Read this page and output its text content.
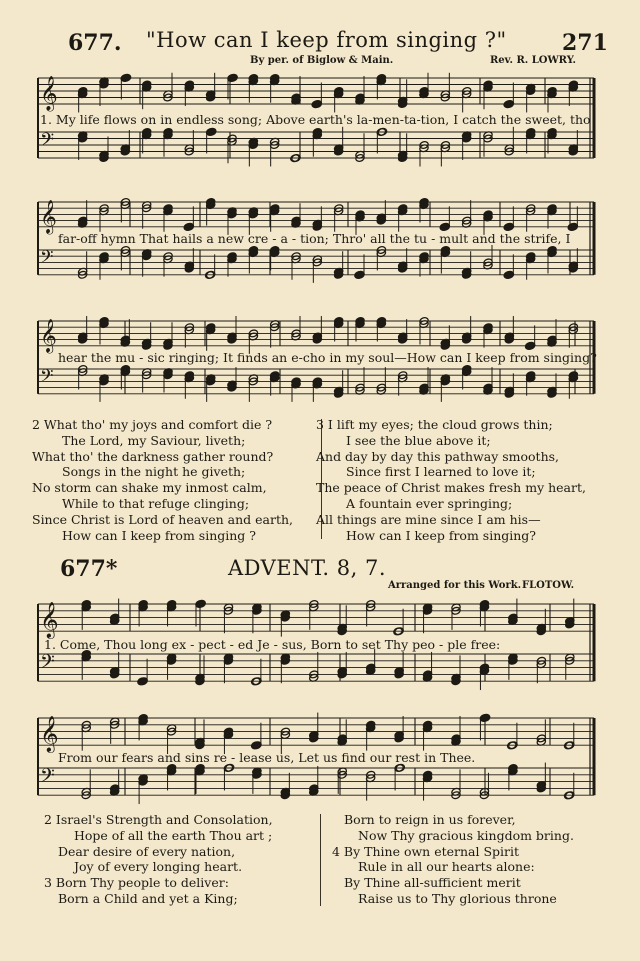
677. "How can I keep from singing ?"	271
By per. of Biglow & Main.	Rev. R. LOWRY.
𝄞
𝄢
1. My life flows on in endless song; Above earth's la-men-ta-tion, I catch the sweet, tho
𝄞
𝄢
far-off hymn That hails a new cre - a - tion; Thro' all the tu - mult and the strife, I
𝄞
𝄢
hear the mu - sic ringing; It finds an e-cho in my soul—How can I keep from singing?
2 What tho' my joys and comfort die ?
The Lord, my Saviour, liveth;
What tho' the darkness gather round?
Songs in the night he giveth;
No storm can shake my inmost calm,
While to that refuge clinging;
Since Christ is Lord of heaven and earth,
How can I keep from singing ?
3 I lift my eyes; the cloud grows thin;
I see the blue above it;
And day by day this pathway smooths,
Since first I learned to love it;
The peace of Christ makes fresh my heart,
A fountain ever springing;
All things are mine since I am his—
How can I keep from singing?
677*	ADVENT. 8, 7.
Arranged for this Work. FLOTOW.
𝄞
𝄢
1. Come, Thou long ex - pect - ed Je - sus, Born to set Thy peo - ple free:
𝄞
𝄢
From our fears and sins re - lease us, Let us find our rest in Thee.
2 Israel's Strength and Consolation,
Hope of all the earth Thou art ;
Dear desire of every nation,
Joy of every longing heart.
3 Born Thy people to deliver:
Born a Child and yet a King;
Born to reign in us forever,
Now Thy gracious kingdom bring.
4 By Thine own eternal Spirit
Rule in all our hearts alone:
By Thine all-sufficient merit
Raise us to Thy glorious throne
